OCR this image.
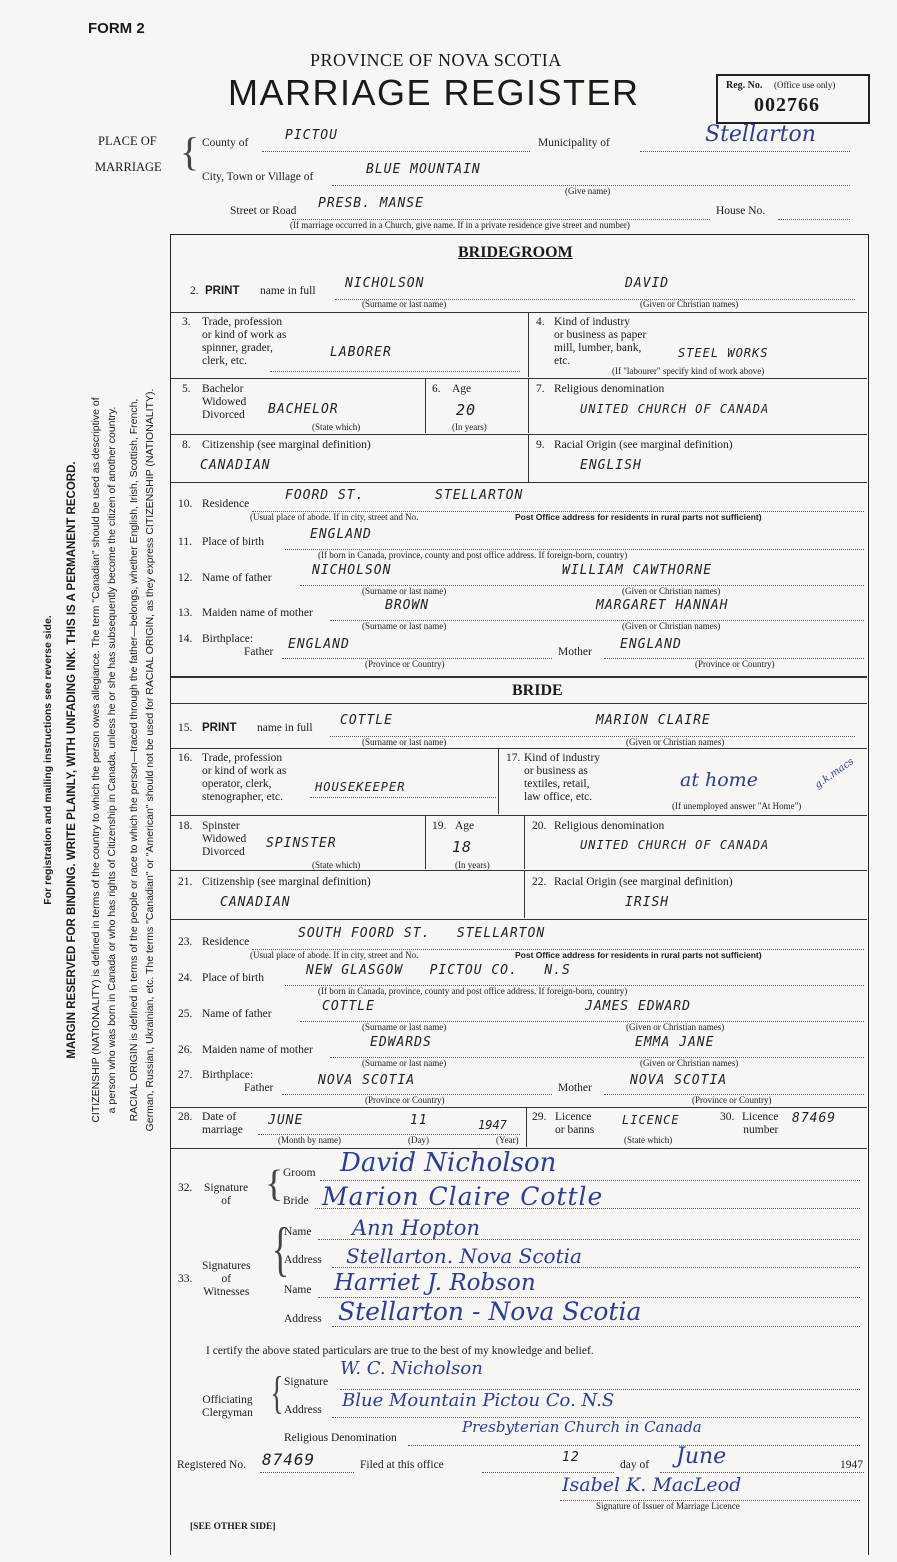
For registration and mailing instructions see reverse side. MARGIN RESERVED FOR BINDING. WRITE PLAINLY, WITH UNFADING INK. THIS IS A PERMANENT RECORD. CITIZENSHIP (NATIONALITY) is defined in terms of the country to which the person owes allegiance. The term "Canadian" should be used as descriptive of a person who was born in Canada or who has rights of Citizenship in Canada, unless he or she has subsequently become the citizen of another country. RACIAL ORIGIN is defined in terms of the people or race to which the person—traced through the father—belongs, whether English, Irish, Scottish, French, German, Russian, Ukrainian, etc. The terms "Canadian" or "American" should not be used for RACIAL ORIGIN, as they express CITIZENSHIP (NATIONALITY).
FORM 2
PROVINCE OF NOVA SCOTIA
MARRIAGE REGISTER	Reg. No. (Office use only)
002766
PLACE OF
MARRIAGE { County of	PICTOU	Municipality of	Stellarton
City, Town or Village of	BLUE MOUNTAIN
(Give name)
Street or Road PRESB. MANSE	House No.
(If marriage occurred in a Church, give name. If in a private residence give street and number)
BRIDEGROOM
2. PRINT name in full NICHOLSON	DAVID
(Surname or last name)	(Given or Christian names)
3. Trade, profession
or kind of work as
spinner, grader,
clerk, etc.
LABORER
4. Kind of industry
or business as paper
mill, lumber, bank,
etc.
STEEL WORKS
(If "labourer" specify kind of work above)
5. Bachelor
Widowed
Divorced BACHELOR
(State which)
6. Age
20
(In years)
7. Religious denomination
UNITED CHURCH OF CANADA
8. Citizenship (see marginal definition)
CANADIAN
9. Racial Origin (see marginal definition)
ENGLISH
10. Residence
FOORD ST.        STELLARTON
(Usual place of abode. If in city, street and No.	Post Office address for residents in rural parts not sufficient)
11. Place of birth	ENGLAND
(If born in Canada, province, county and post office address. If foreign-born, country)
12. Name of father	NICHOLSON	WILLIAM CAWTHORNE
(Surname or last name)	(Given or Christian names)
13. Maiden name of mother	BROWN	MARGARET HANNAH
(Surname or last name)	(Given or Christian names)
14. Birthplace:
Father ENGLAND
(Province or Country)
Mother ENGLAND
(Province or Country)
BRIDE
15. PRINT name in full COTTLE	MARION CLAIRE
(Surname or last name)	(Given or Christian names)
16. Trade, profession
or kind of work as
operator, clerk,
stenographer, etc.
HOUSEKEEPER
17. Kind of industry
or business as
textiles, retail,
law office, etc.
at home	g.k.macs
(If unemployed answer "At Home")
18. Spinster
Widowed
Divorced
SPINSTER
(State which)
19. Age
18
(In years)
20. Religious denomination
UNITED CHURCH OF CANADA
21. Citizenship (see marginal definition)
CANADIAN
22. Racial Origin (see marginal definition)
IRISH
23. Residence
SOUTH FOORD ST.   STELLARTON
(Usual place of abode. If in city, street and No.	Post Office address for residents in rural parts not sufficient)
24. Place of birth	NEW GLASGOW   PICTOU CO.   N.S
(If born in Canada, province, county and post office address. If foreign-born, country)
25. Name of father	COTTLE	JAMES EDWARD
(Surname or last name)	(Given or Christian names)
26. Maiden name of mother	EDWARDS	EMMA JANE
(Surname or last name)	(Given or Christian names)
27. Birthplace:
Father	NOVA SCOTIA
(Province or Country)
Mother	NOVA SCOTIA
(Province or Country)
28. Date of
marriage
JUNE	11	1947
(Month by name)	(Day)	(Year)
29. Licence
or banns
LICENCE
(State which)
30. Licence
number
87469
32. Signature
of { Groom David Nicholson
Bride Marion Claire Cottle
33.
Signatures
of
Witnesses
{
Name Ann Hopton
Address Stellarton. Nova Scotia
Name Harriet J. Robson
Address Stellarton - Nova Scotia
I certify the above stated particulars are true to the best of my knowledge and belief.
Officiating
Clergyman { Signature
W. C. Nicholson
Address Blue Mountain Pictou Co. N.S
Religious Denomination
Presbyterian Church in Canada
Registered No. 87469	Filed at this office	12	day of June	1947
Isabel K. MacLeod
Signature of Issuer of Marriage Licence
[SEE OTHER SIDE]
